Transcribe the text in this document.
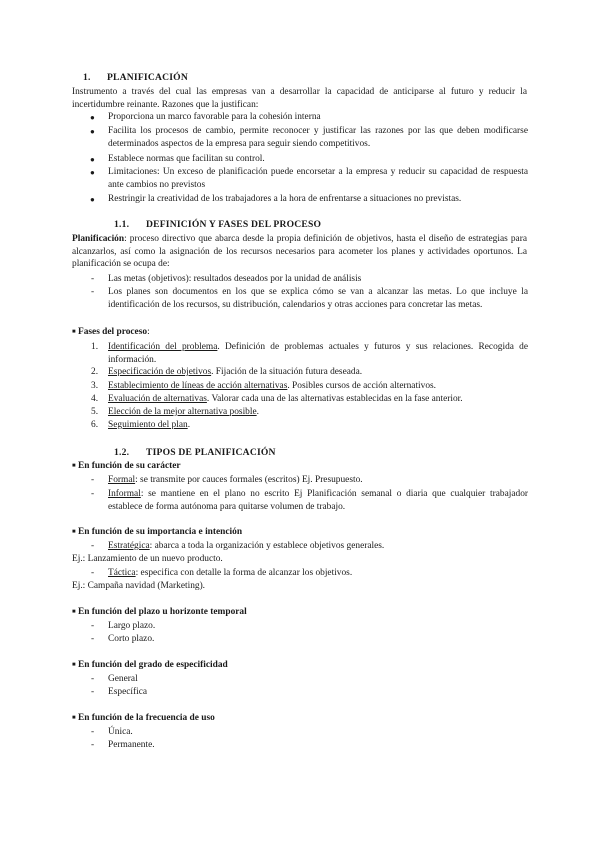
1. PLANIFICACIÓN
Instrumento a través del cual las empresas van a desarrollar la capacidad de anticiparse al futuro y reducir la incertidumbre reinante. Razones que la justifican:
● Proporciona un marco favorable para la cohesión interna
● Facilita los procesos de cambio, permite reconocer y justificar las razones por las que deben modificarse determinados aspectos de la empresa para seguir siendo competitivos.
● Establece normas que facilitan su control.
● Limitaciones: Un exceso de planificación puede encorsetar a la empresa y reducir su capacidad de respuesta ante cambios no previstos
● Restringir la creatividad de los trabajadores a la hora de enfrentarse a situaciones no previstas.
1.1. DEFINICIÓN Y FASES DEL PROCESO
Planificación: proceso directivo que abarca desde la propia definición de objetivos, hasta el diseño de estrategias para alcanzarlos, así como la asignación de los recursos necesarios para acometer los planes y actividades oportunos. La planificación se ocupa de:
- Las metas (objetivos): resultados deseados por la unidad de análisis
- Los planes son documentos en los que se explica cómo se van a alcanzar las metas. Lo que incluye la identificación de los recursos, su distribución, calendarios y otras acciones para concretar las metas.
■ Fases del proceso:
1. Identificación del problema. Definición de problemas actuales y futuros y sus relaciones. Recogida de información.
2. Especificación de objetivos. Fijación de la situación futura deseada.
3. Establecimiento de líneas de acción alternativas. Posibles cursos de acción alternativos.
4. Evaluación de alternativas. Valorar cada una de las alternativas establecidas en la fase anterior.
5. Elección de la mejor alternativa posible.
6. Seguimiento del plan.
1.2. TIPOS DE PLANIFICACIÓN
■ En función de su carácter
- Formal: se transmite por cauces formales (escritos) Ej. Presupuesto.
- Informal: se mantiene en el plano no escrito Ej Planificación semanal o diaria que cualquier trabajador establece de forma autónoma para quitarse volumen de trabajo.
■ En función de su importancia e intención
- Estratégica: abarca a toda la organización y establece objetivos generales.
Ej.: Lanzamiento de un nuevo producto.
- Táctica: especifica con detalle la forma de alcanzar los objetivos.
Ej.: Campaña navidad (Marketing).
■ En función del plazo u horizonte temporal
- Largo plazo.
- Corto plazo.
■ En función del grado de especificidad
- General
- Específica
■ En función de la frecuencia de uso
- Única.
- Permanente.
